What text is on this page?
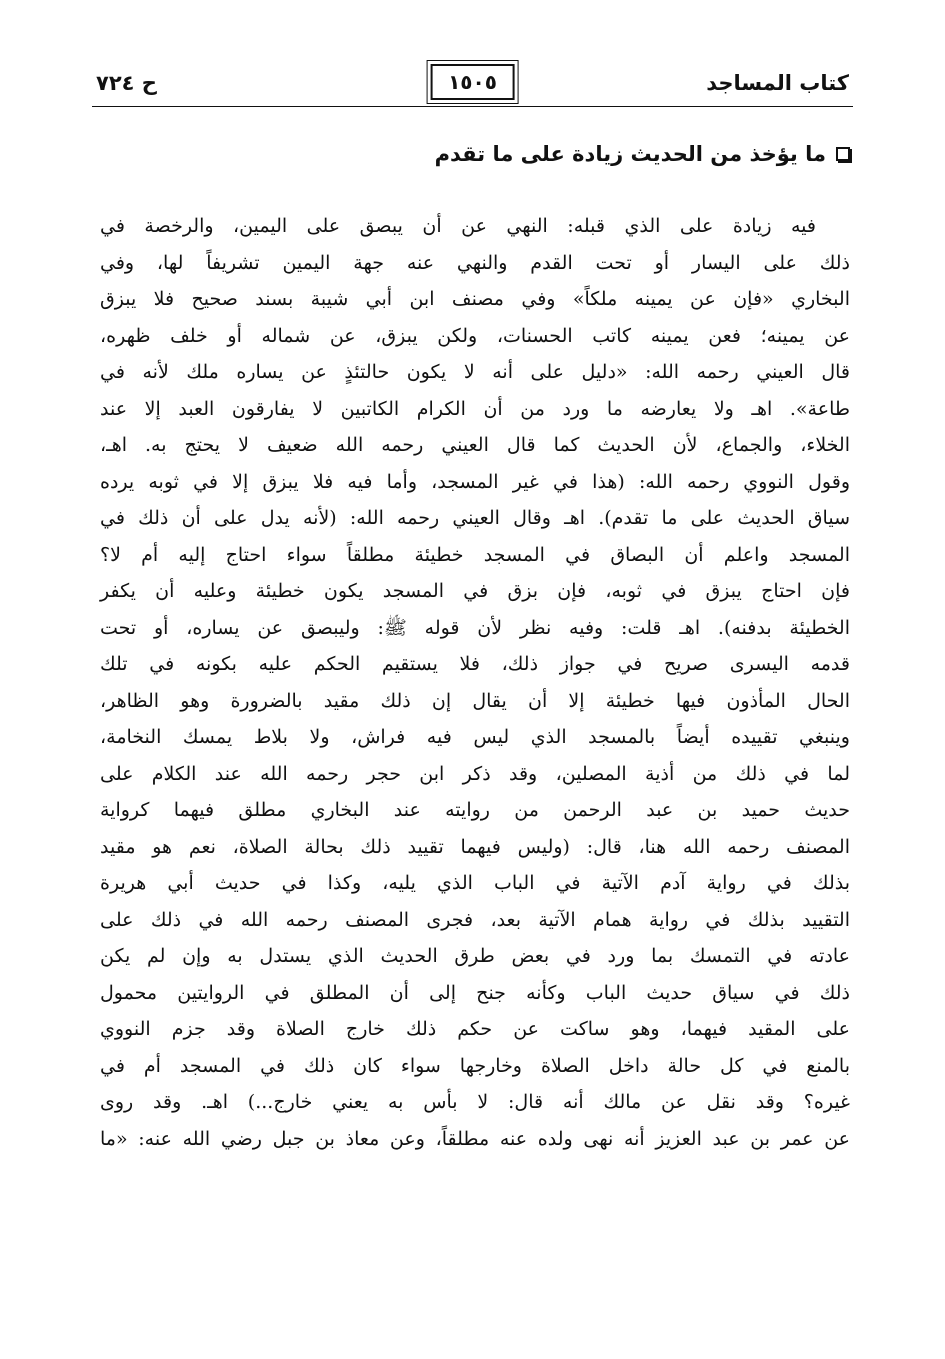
كتاب المساجد
ح ٧٢٤	١٥٠٥
ما يؤخذ من الحديث زيادة على ما تقدم
فيه زيادة على الذي قبله: النهي عن أن يبصق على اليمين، والرخصة في
ذلك على اليسار أو تحت القدم والنهي عنه جهة اليمين تشريفاً لها، وفي
البخاري «فإن عن يمينه ملكاً» وفي مصنف ابن أبي شيبة بسند صحيح فلا يبزق
عن يمينه؛ فعن يمينه كاتب الحسنات، ولكن يبزق، عن شماله أو خلف ظهره،
قال العيني رحمه الله: «دليل على أنه لا يكون حالتئذٍ عن يساره ملك لأنه في
طاعة». اهـ ولا يعارضه ما ورد من أن الكرام الكاتبين لا يفارقون العبد إلا عند
الخلاء، والجماع، لأن الحديث كما قال العيني رحمه الله ضعيف لا يحتج به. اهـ،
وقول النووي رحمه الله: (هذا في غير المسجد، وأما فيه فلا يبزق إلا في ثوبه يرده
سياق الحديث على ما تقدم). اهـ وقال العيني رحمه الله: (لأنه يدل على أن ذلك في
المسجد واعلم أن البصاق في المسجد خطيئة مطلقاً سواء احتاج إليه أم لا؟
فإن احتاج يبزق في ثوبه، فإن بزق في المسجد يكون خطيئة وعليه أن يكفر
الخطيئة بدفنه). اهـ قلت: وفيه نظر لأن قوله ﷺ: وليبصق عن يساره، أو تحت
قدمه اليسرى صريح في جواز ذلك، فلا يستقيم الحكم عليه بكونه في تلك
الحال المأذون فيها خطيئة إلا أن يقال إن ذلك مقيد بالضرورة وهو الظاهر،
وينبغي تقييده أيضاً بالمسجد الذي ليس فيه فراش، ولا بلاط يمسك النخامة،
لما في ذلك من أذية المصلين، وقد ذكر ابن حجر رحمه الله عند الكلام على
حديث حميد بن عبد الرحمن من روايته عند البخاري مطلق فيهما كرواية
المصنف رحمه الله هنا، قال: (وليس فيهما تقييد ذلك بحالة الصلاة، نعم هو مقيد
بذلك في رواية آدم الآتية في الباب الذي يليه، وكذا في حديث أبي هريرة
التقييد بذلك في رواية همام الآتية بعد، فجرى المصنف رحمه الله في ذلك على
عادته في التمسك بما ورد في بعض طرق الحديث الذي يستدل به وإن لم يكن
ذلك في سياق حديث الباب وكأنه جنح إلى أن المطلق في الروايتين محمول
على المقيد فيهما، وهو ساكت عن حكم ذلك خارج الصلاة وقد جزم النووي
بالمنع في كل حالة داخل الصلاة وخارجها سواء كان ذلك في المسجد أم في
غيره؟ وقد نقل عن مالك أنه قال: لا بأس به يعني خارج...) اهـ. وقد روى
عن عمر بن عبد العزيز أنه نهى ولده عنه مطلقاً، وعن معاذ بن جبل رضي الله عنه: «ما
